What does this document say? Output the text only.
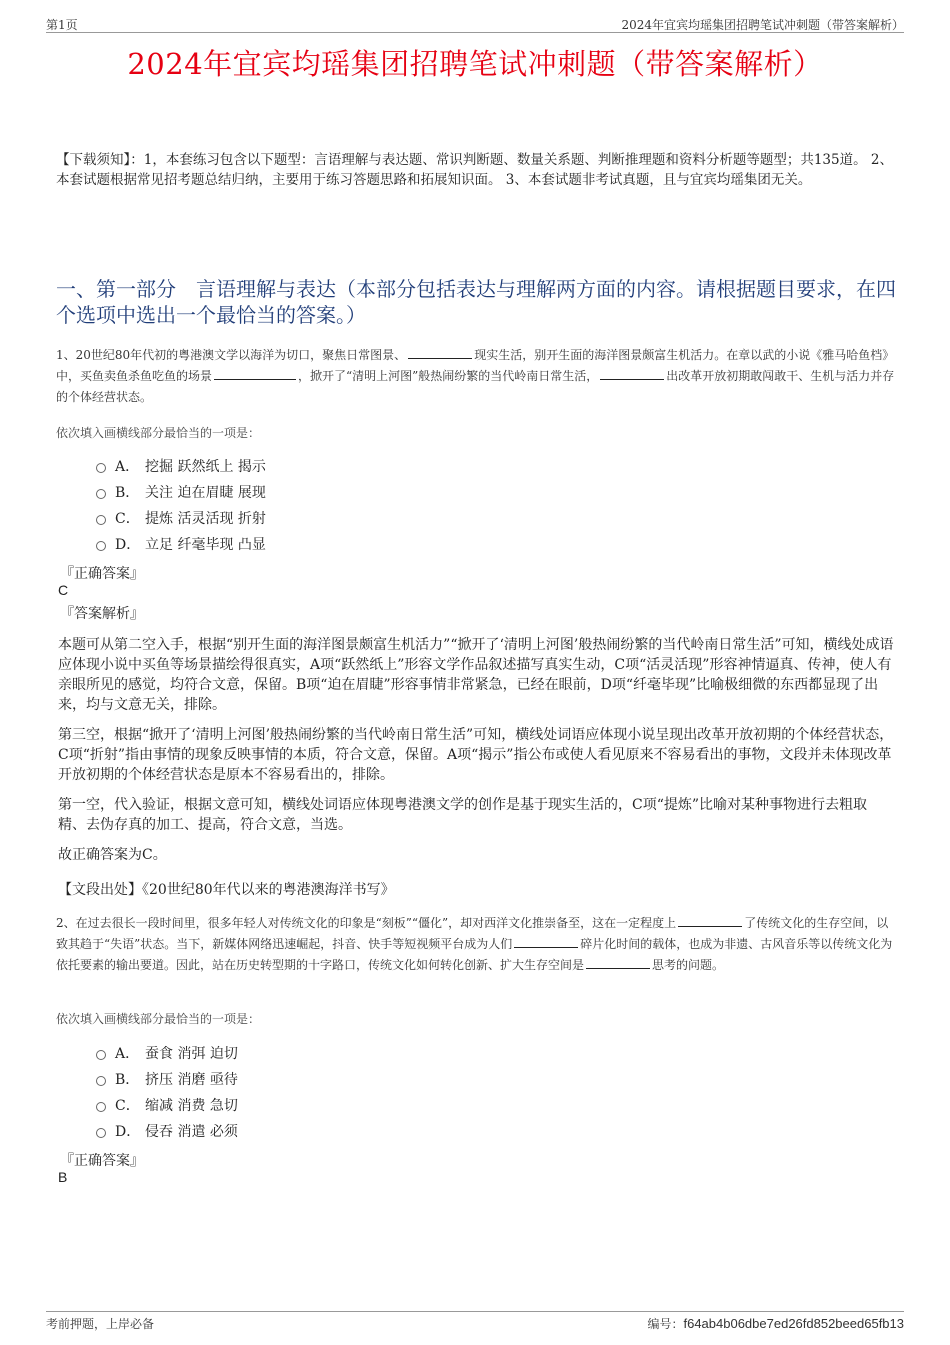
第1页	2024年宜宾均瑶集团招聘笔试冲刺题（带答案解析）
2024年宜宾均瑶集团招聘笔试冲刺题（带答案解析）
【下载须知】：1，本套练习包含以下题型：言语理解与表达题、常识判断题、数量关系题、判断推理题和资料分析题等题型；共135道。 2、本套试题根据常见招考题总结归纳，主要用于练习答题思路和拓展知识面。 3、本套试题非考试真题，且与宜宾均瑶集团无关。
一、第一部分　言语理解与表达（本部分包括表达与理解两方面的内容。请根据题目要求，在四个选项中选出一个最恰当的答案。）
1、20世纪80年代初的粤港澳文学以海洋为切口，聚焦日常图景、	现实生活，别开生面的海洋图景颇富生机活力。在章以武的小说《雅马哈鱼档》中，买鱼卖鱼杀鱼吃鱼的场景	，掀开了“清明上河图”般热闹纷繁的当代岭南日常生活，	出改革开放初期敢闯敢干、生机与活力并存的个体经营状态。
依次填入画横线部分最恰当的一项是：
A． 挖掘 跃然纸上 揭示
B． 关注 迫在眉睫 展现
C． 提炼 活灵活现 折射
D． 立足 纤毫毕现 凸显
『正确答案』
C
『答案解析』

本题可从第二空入手，根据“别开生面的海洋图景颇富生机活力”“掀开了‘清明上河图’般热闹纷繁的当代岭南日常生活”可知，横线处成语应体现小说中买鱼等场景描绘得很真实，A项“跃然纸上”形容文学作品叙述描写真实生动，C项“活灵活现”形容神情逼真、传神，使人有亲眼所见的感觉，均符合文意，保留。B项“迫在眉睫”形容事情非常紧急，已经在眼前，D项“纤毫毕现”比喻极细微的东西都显现了出来，均与文意无关，排除。

第三空，根据“掀开了‘清明上河图’般热闹纷繁的当代岭南日常生活”可知，横线处词语应体现小说呈现出改革开放初期的个体经营状态，C项“折射”指由事情的现象反映事情的本质，符合文意，保留。A项“揭示”指公布或使人看见原来不容易看出的事物，文段并未体现改革开放初期的个体经营状态是原本不容易看出的，排除。

第一空，代入验证，根据文意可知，横线处词语应体现粤港澳文学的创作是基于现实生活的，C项“提炼”比喻对某种事物进行去粗取精、去伪存真的加工、提高，符合文意，当选。

故正确答案为C。

【文段出处】《20世纪80年代以来的粤港澳海洋书写》
2、在过去很长一段时间里，很多年轻人对传统文化的印象是“刻板”“僵化”，却对西洋文化推崇备至，这在一定程度上	了传统文化的生存空间，以致其趋于“失语”状态。当下，新媒体网络迅速崛起，抖音、快手等短视频平台成为人们	碎片化时间的载体，也成为非遗、古风音乐等以传统文化为依托要素的输出要道。因此，站在历史转型期的十字路口，传统文化如何转化创新、扩大生存空间是	思考的问题。
依次填入画横线部分最恰当的一项是：
A． 蚕食 消弭 迫切
B． 挤压 消磨 亟待
C． 缩减 消费 急切
D． 侵吞 消遣 必须
『正确答案』
B
考前押题，上岸必备	编号：f64ab4b06dbe7ed26fd852beed65fb13
